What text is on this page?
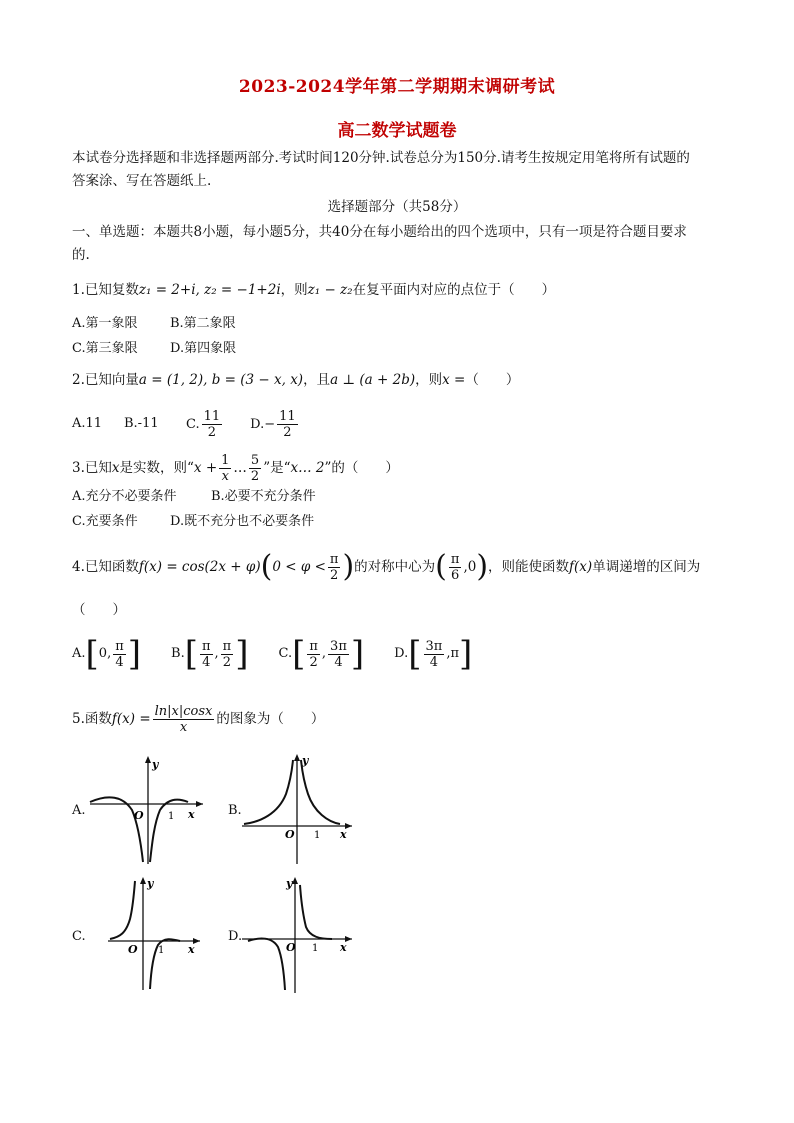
2023-2024学年第二学期期末调研考试
高二数学试题卷
本试卷分选择题和非选择题两部分.考试时间120分钟.试卷总分为150分.请考生按规定用笔将所有试题的
答案涂、写在答题纸上.
选择题部分（共58分）
一、单选题：本题共8小题，每小题5分，共40分在每小题给出的四个选项中，只有一项是符合题目要求
的.
1.已知复数 z₁ = 2+i, z₂ = −1+2i ，则 z₁ − z₂ 在复平面内对应的点位于（　　）
A.第一象限 B.第二象限
C.第三象限 D.第四象限
2.已知向量 a = (1, 2), b = (3 − x, x) ，且 a ⊥ (a + 2b) ，则 x = （　　）
A.11	B.-11	C. $\frac{11}{2} D.- \frac{11}{2}$
3.已知 x 是实数，则“ $x + \frac{1}{x}$ … $\frac{5}{2}$ ”是“ x… 2 ”的（　　）
A.充分不必要条件	B.必要不充分条件
C.充要条件 D.既不充分也不必要条件
4.已知函数 f(x) = cos(2x + φ) ( $0 < \varphi < \frac{\pi}{2}$ ) 的对称中心为 ( $\frac{\pi}{6} ,0$ ) ，则能使函数 f(x) 单调递增的区间为
（　　）
A. [ 0, $\frac{\pi}{4}$ ] B. [ $\frac{\pi}{4}$ , $\frac{\pi}{2}$ ] C. [ $\frac{\pi}{2}$ , $\frac{3\pi}{4}$ ] D. [ $\frac{3\pi}{4} ,\pi$ ]
5.函数 $f(x) = \frac{\ln|x|\cos x}{x}$ 的图象为（　　）
A.	B.
C.	D.
y
x
O 1
y
x
O 1
y
x
O 1
y
x
O 1
